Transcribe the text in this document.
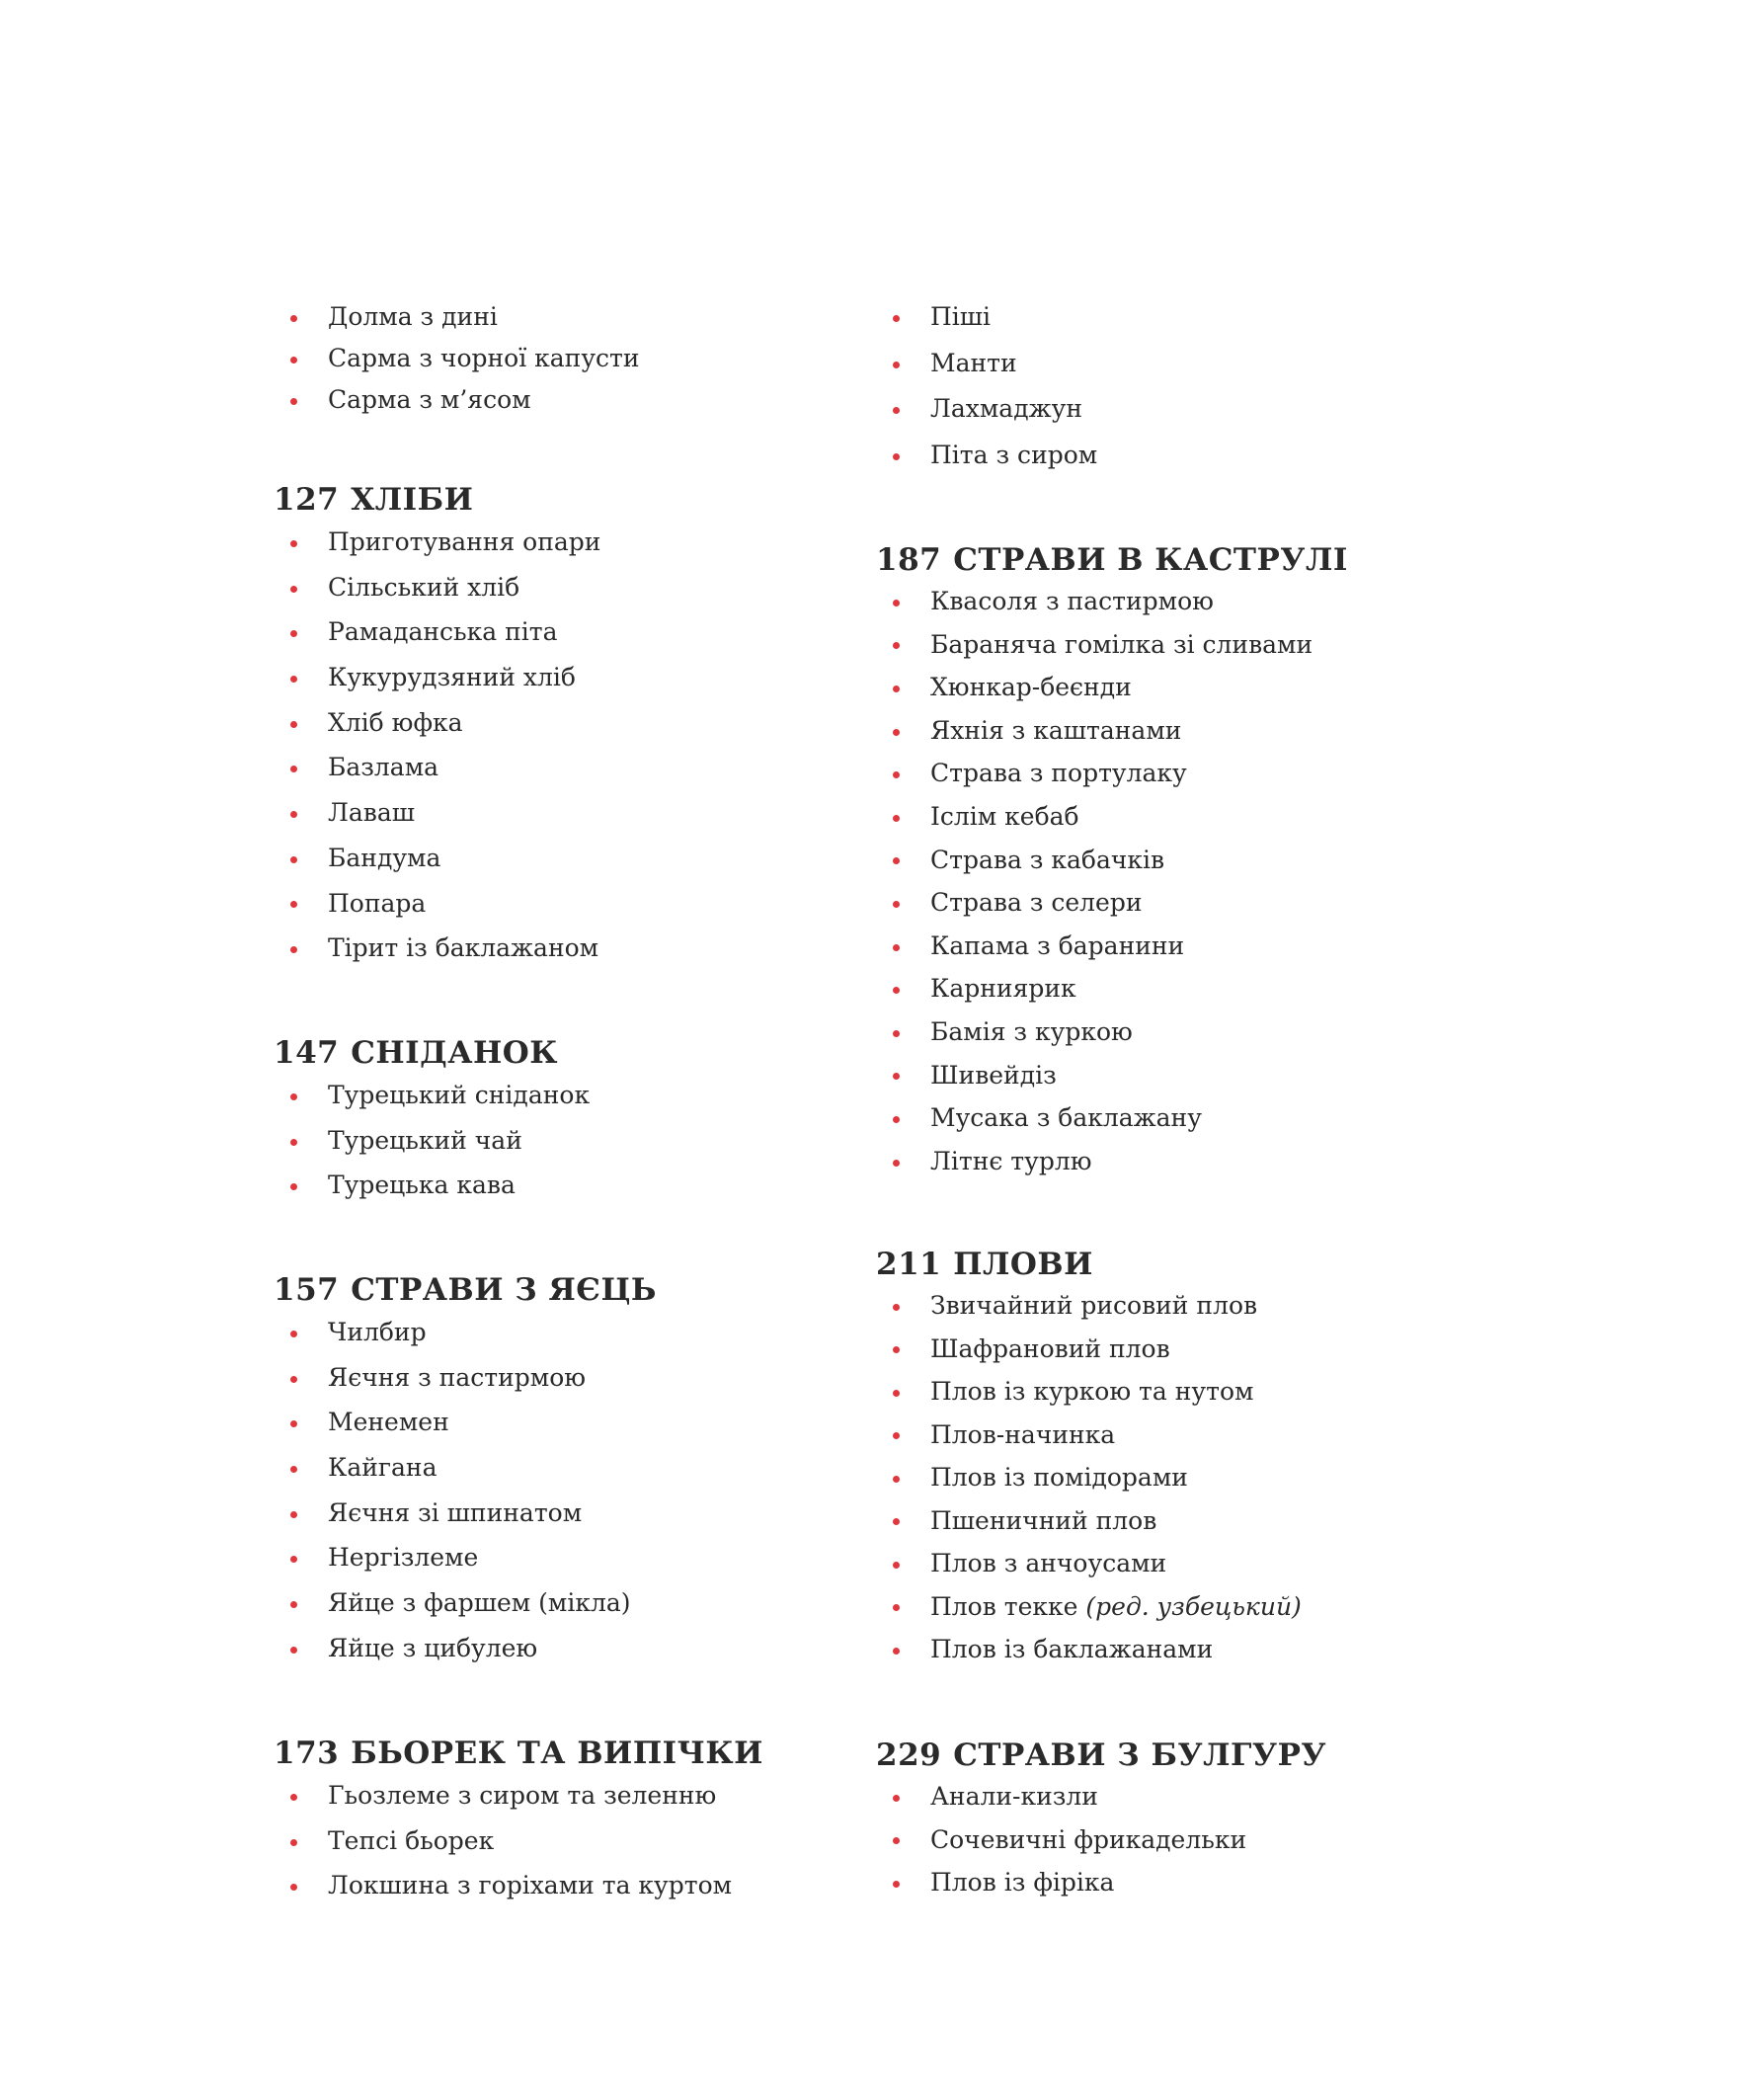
Долма з дині
Сарма з чорної капусти
Сарма з м’ясом
127 ХЛІБИ
Приготування опари
Сільський хліб
Рамаданська піта
Кукурудзяний хліб
Хліб юфка
Базлама
Лаваш
Бандума
Попара
Тірит із баклажаном
147 СНІДАНОК
Турецький сніданок
Турецький чай
Турецька кава
157 СТРАВИ З ЯЄЦЬ
Чилбир
Яєчня з пастирмою
Менемен
Кайгана
Яєчня зі шпинатом
Нергізлеме
Яйце з фаршем (мікла)
Яйце з цибулею
173 БЬОРЕК ТА ВИПІЧКИ
Гьозлеме з сиром та зеленню
Тепсі бьорек
Локшина з горіхами та куртом
Піші
Манти
Лахмаджун
Піта з сиром
187 СТРАВИ В КАСТРУЛІ
Квасоля з пастирмою
Бараняча гомілка зі сливами
Хюнкар-беєнди
Яхнія з каштанами
Страва з портулаку
Іслім кебаб
Страва з кабачків
Страва з селери
Капама з баранини
Карниярик
Бамія з куркою
Шивейдіз
Мусака з баклажану
Літнє турлю
211 ПЛОВИ
Звичайний рисовий плов
Шафрановий плов
Плов із куркою та нутом
Плов-начинка
Плов із помідорами
Пшеничний плов
Плов з анчоусами
Плов текке (ред. узбецький)
Плов із баклажанами
229 СТРАВИ З БУЛГУРУ
Анали-кизли
Сочевичні фрикадельки
Плов із фіріка
